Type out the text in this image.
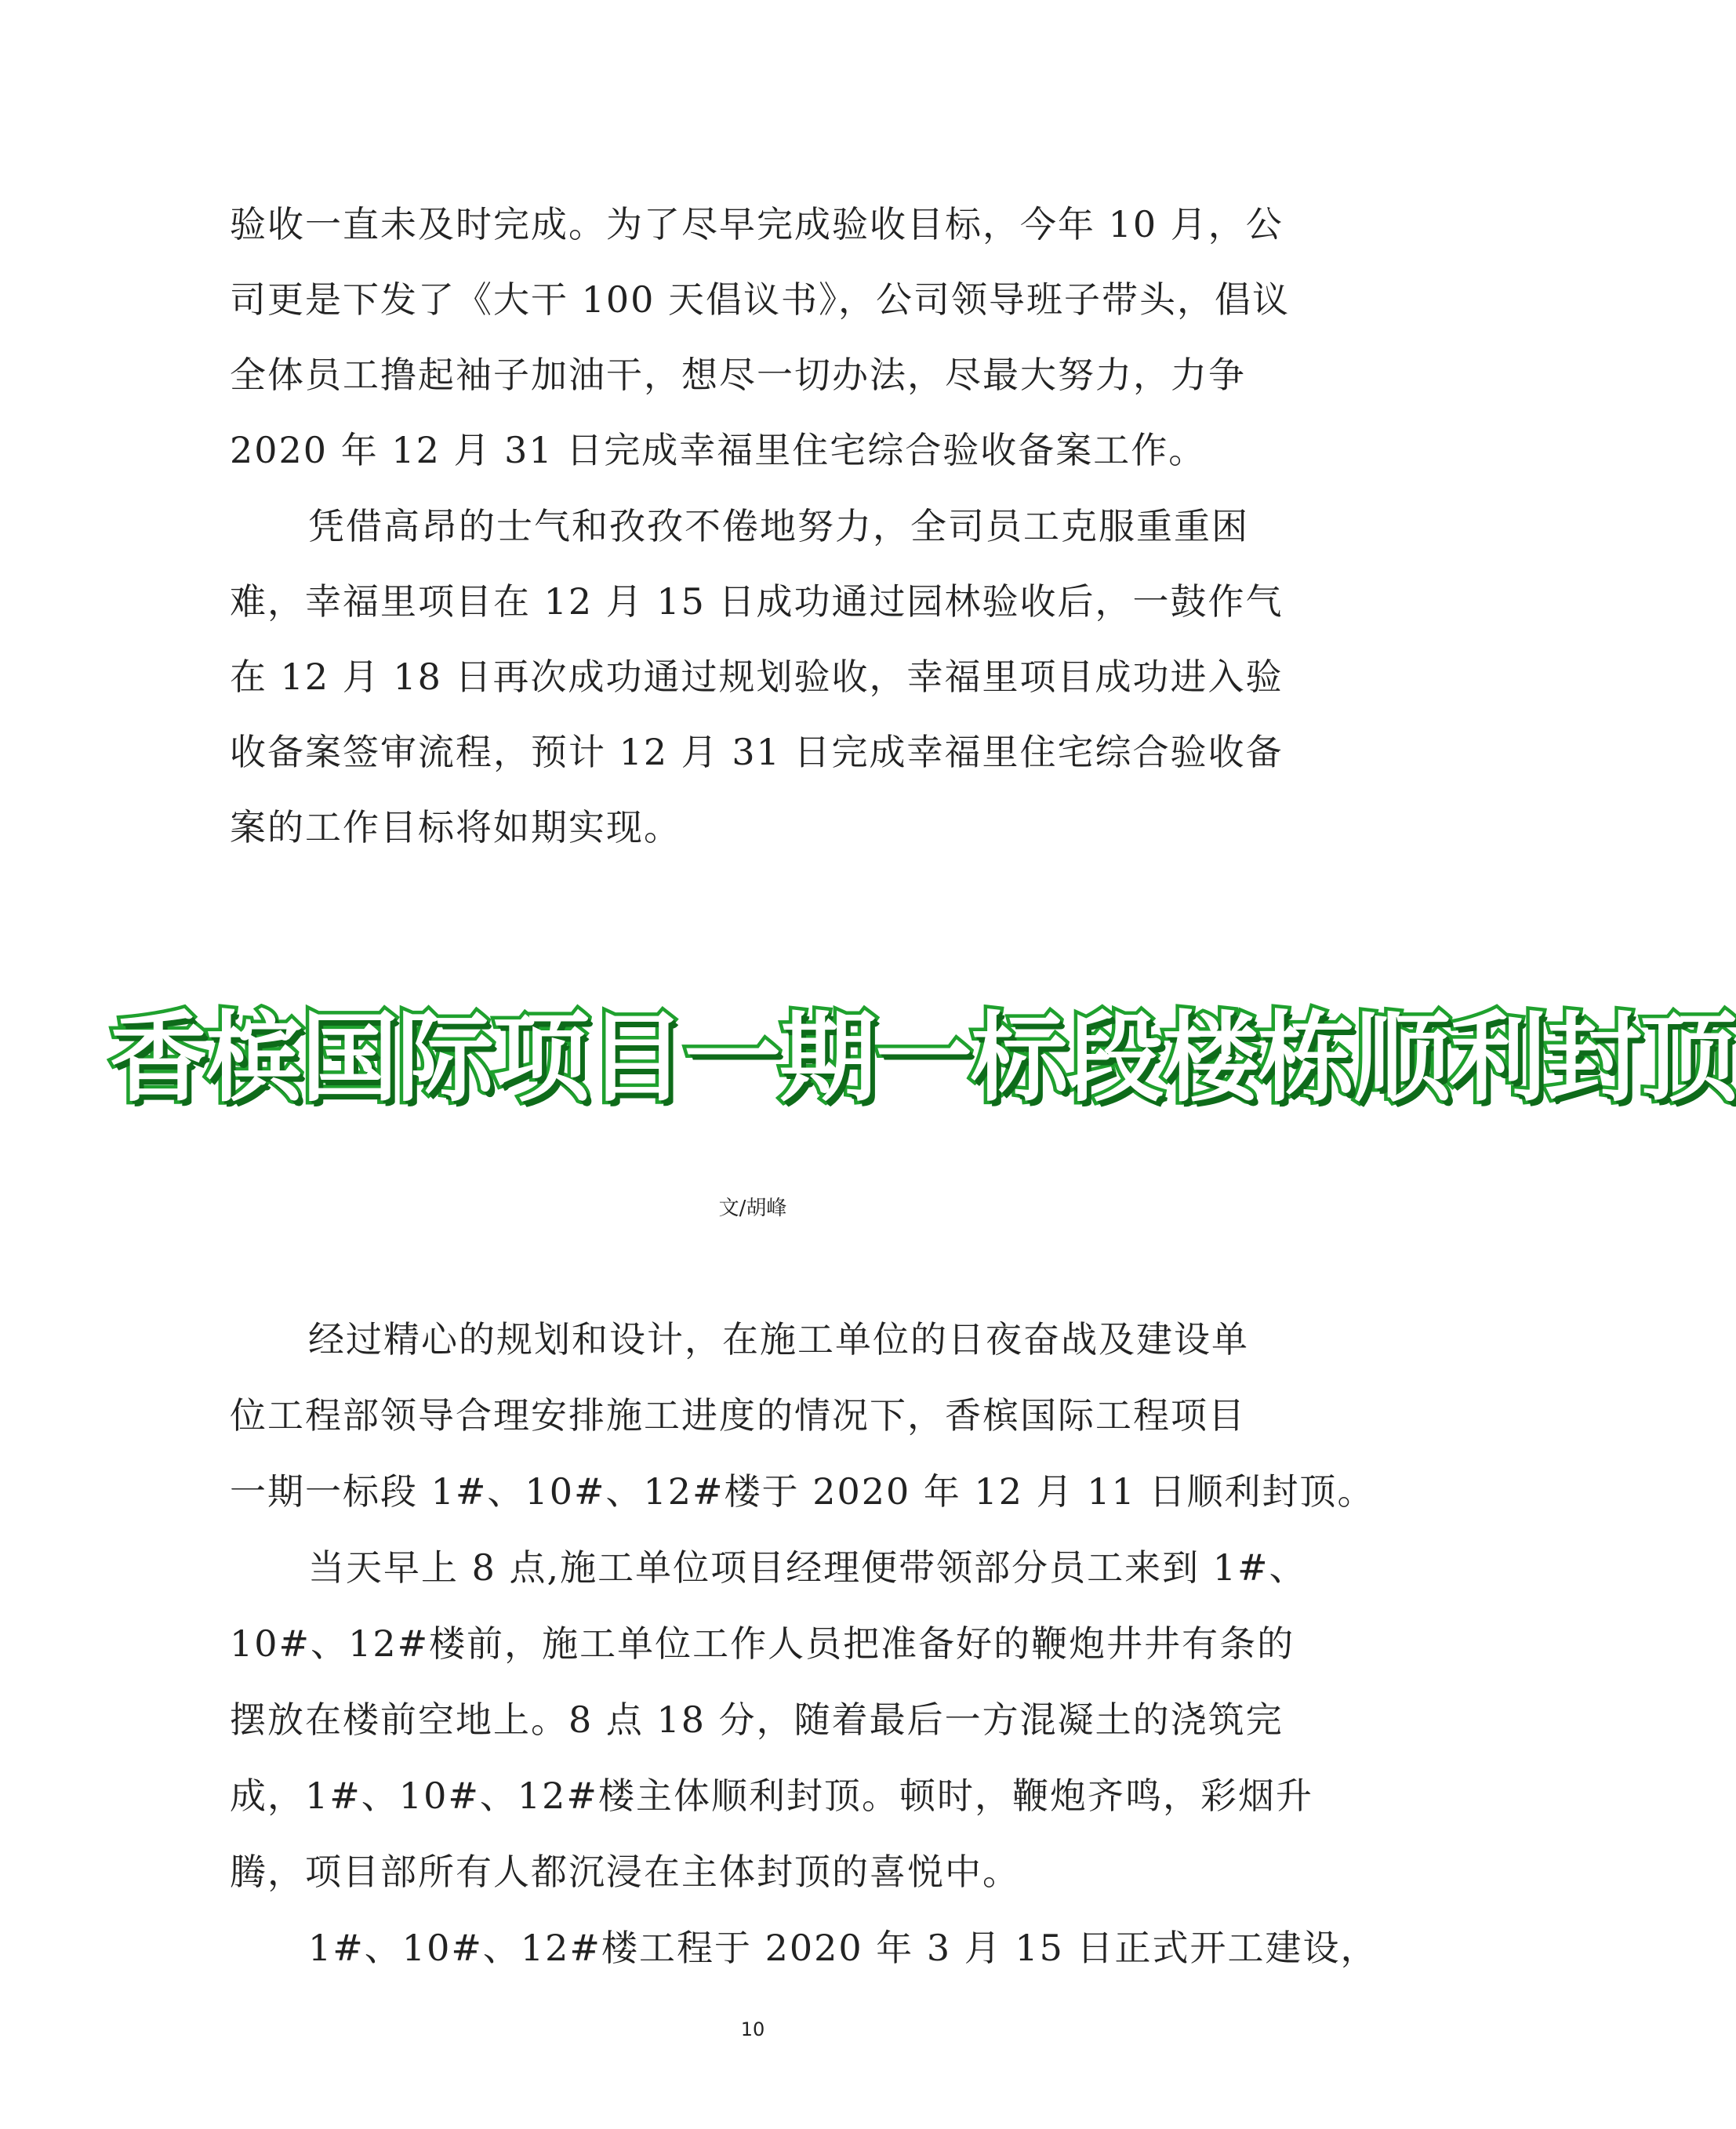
验收一直未及时完成。为了尽早完成验收目标，今年 10 月，公
司更是下发了《大干 100 天倡议书》，公司领导班子带头，倡议
全体员工撸起袖子加油干，想尽一切办法，尽最大努力，力争
2020 年 12 月 31 日完成幸福里住宅综合验收备案工作。
凭借高昂的士气和孜孜不倦地努力，全司员工克服重重困
难，幸福里项目在 12 月 15 日成功通过园林验收后，一鼓作气
在 12 月 18 日再次成功通过规划验收，幸福里项目成功进入验
收备案签审流程，预计 12 月 31 日完成幸福里住宅综合验收备
案的工作目标将如期实现。
香槟国际项目一期一标段楼栋顺利封顶
文/胡峰
经过精心的规划和设计，在施工单位的日夜奋战及建设单
位工程部领导合理安排施工进度的情况下，香槟国际工程项目
一期一标段 1#、10#、12#楼于 2020 年 12 月 11 日顺利封顶。
当天早上 8 点,施工单位项目经理便带领部分员工来到 1#、
10#、12#楼前，施工单位工作人员把准备好的鞭炮井井有条的
摆放在楼前空地上。8 点 18 分，随着最后一方混凝土的浇筑完
成，1#、10#、12#楼主体顺利封顶。顿时，鞭炮齐鸣，彩烟升
腾，项目部所有人都沉浸在主体封顶的喜悦中。
1#、10#、12#楼工程于 2020 年 3 月 15 日正式开工建设，
10
